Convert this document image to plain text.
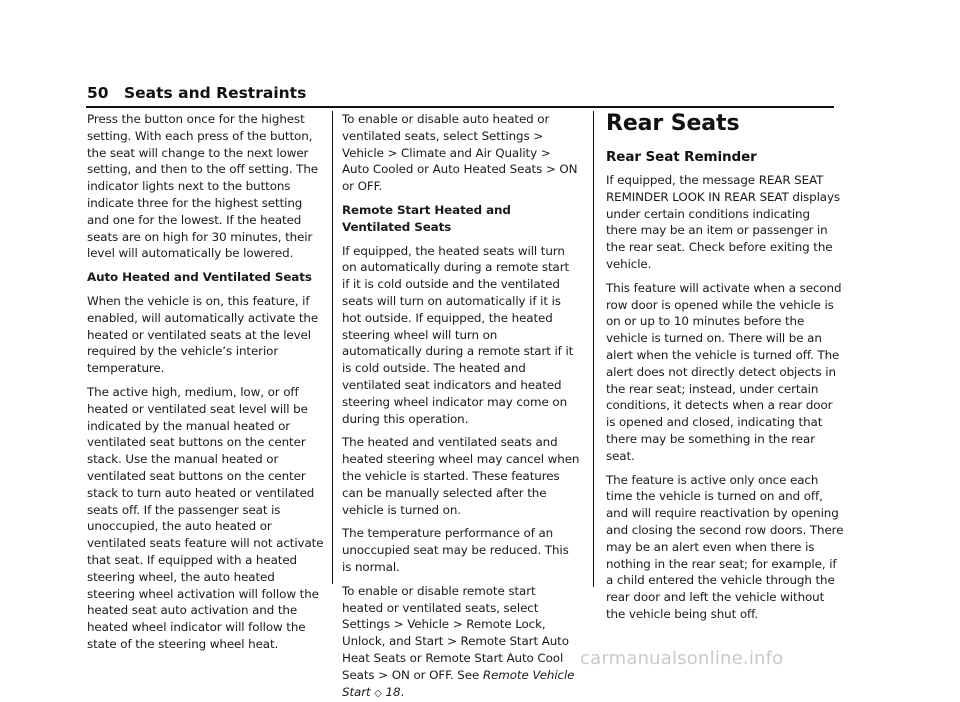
50 Seats and Restraints

Press the button once for the highest setting. With each press of the button, the seat will change to the next lower setting, and then to the off setting. The indicator lights next to the buttons indicate three for the highest setting and one for the lowest. If the heated seats are on high for 30 minutes, their level will automatically be lowered.

Auto Heated and Ventilated Seats

When the vehicle is on, this feature, if enabled, will automatically activate the heated or ventilated seats at the level required by the vehicle’s interior temperature.

The active high, medium, low, or off heated or ventilated seat level will be indicated by the manual heated or ventilated seat buttons on the center stack. Use the manual heated or ventilated seat buttons on the center stack to turn auto heated or ventilated seats off. If the passenger seat is unoccupied, the auto heated or ventilated seats feature will not activate that seat. If equipped with a heated steering wheel, the auto heated steering wheel activation will follow the heated seat auto activation and the heated wheel indicator will follow the state of the steering wheel heat.

To enable or disable auto heated or ventilated seats, select Settings > Vehicle > Climate and Air Quality > Auto Cooled or Auto Heated Seats > ON or OFF.

Remote Start Heated and Ventilated Seats

If equipped, the heated seats will turn on automatically during a remote start if it is cold outside and the ventilated seats will turn on automatically if it is hot outside. If equipped, the heated steering wheel will turn on automatically during a remote start if it is cold outside. The heated and ventilated seat indicators and heated steering wheel indicator may come on during this operation.

The heated and ventilated seats and heated steering wheel may cancel when the vehicle is started. These features can be manually selected after the vehicle is turned on.

The temperature performance of an unoccupied seat may be reduced. This is normal.

To enable or disable remote start heated or ventilated seats, select Settings > Vehicle > Remote Lock, Unlock, and Start > Remote Start Auto Heat Seats or Remote Start Auto Cool Seats > ON or OFF. See Remote Vehicle Start ◇ 18.

Rear Seats
Rear Seat Reminder

If equipped, the message REAR SEAT REMINDER LOOK IN REAR SEAT displays under certain conditions indicating there may be an item or passenger in the rear seat. Check before exiting the vehicle.

This feature will activate when a second row door is opened while the vehicle is on or up to 10 minutes before the vehicle is turned on. There will be an alert when the vehicle is turned off. The alert does not directly detect objects in the rear seat; instead, under certain conditions, it detects when a rear door is opened and closed, indicating that there may be something in the rear seat.

The feature is active only once each time the vehicle is turned on and off, and will require reactivation by opening and closing the second row doors. There may be an alert even when there is nothing in the rear seat; for example, if a child entered the vehicle through the rear door and left the vehicle without the vehicle being shut off.

carmanualsonline.info
